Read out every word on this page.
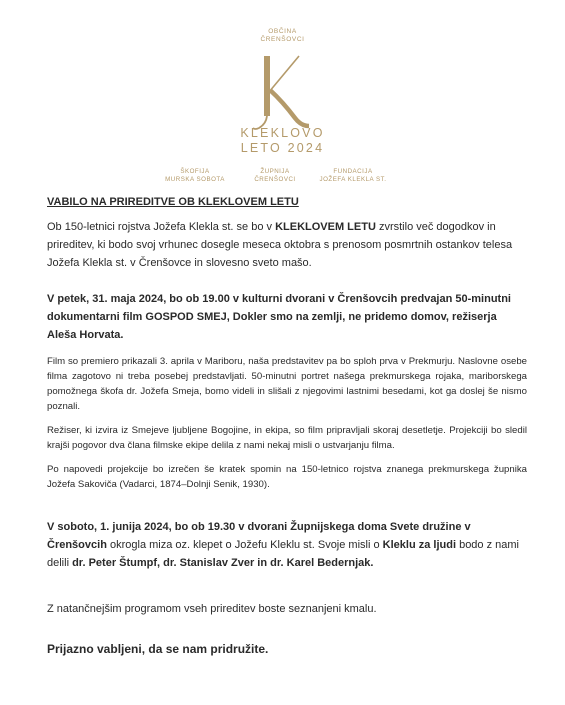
OBČINA
ČRENŠOVCI
KLEKLOVO
LETO 2024
ŠKOFIJA
MURSKA SOBOTA
ŽUPNIJA
ČRENŠOVCI
FUNDACIJA
JOŽEFA KLEKLA ST.
VABILO NA PRIREDITVE OB KLEKLOVEM LETU

Ob 150-letnici rojstva Jožefa Klekla st. se bo v KLEKLOVEM LETU zvrstilo več dogodkov in prireditev, ki bodo svoj vrhunec dosegle meseca oktobra s prenosom posmrtnih ostankov telesa Jožefa Klekla st. v Črenšovce in slovesno sveto mašo.

V petek, 31. maja 2024, bo ob 19.00 v kulturni dvorani v Črenšovcih predvajan 50-minutni dokumentarni film GOSPOD SMEJ, Dokler smo na zemlji, ne pridemo domov, režiserja Aleša Horvata.

Film so premiero prikazali 3. aprila v Mariboru, naša predstavitev pa bo sploh prva v Prekmurju. Naslovne osebe filma zagotovo ni treba posebej predstavljati. 50-minutni portret našega prekmurskega rojaka, mariborskega pomožnega škofa dr. Jožefa Smeja, bomo videli in slišali z njegovimi lastnimi besedami, kot ga doslej še nismo poznali.

Režiser, ki izvira iz Smejeve ljubljene Bogojine, in ekipa, so film pripravljali skoraj desetletje. Projekciji bo sledil krajši pogovor dva člana filmske ekipe delila z nami nekaj misli o ustvarjanju filma.

Po napovedi projekcije bo izrečen še kratek spomin na 150-letnico rojstva znanega prekmurskega župnika Jožefa Sakoviča (Vadarci, 1874–Dolnji Senik, 1930).

V soboto, 1. junija 2024, bo ob 19.30 v dvorani Župnijskega doma Svete družine v Črenšovcih okrogla miza oz. klepet o Jožefu Kleklu st. Svoje misli o Kleklu za ljudi bodo z nami delili dr. Peter Štumpf, dr. Stanislav Zver in dr. Karel Bedernjak.

Z natančnejšim programom vseh prireditev boste seznanjeni kmalu.

Prijazno vabljeni, da se nam pridružite.
